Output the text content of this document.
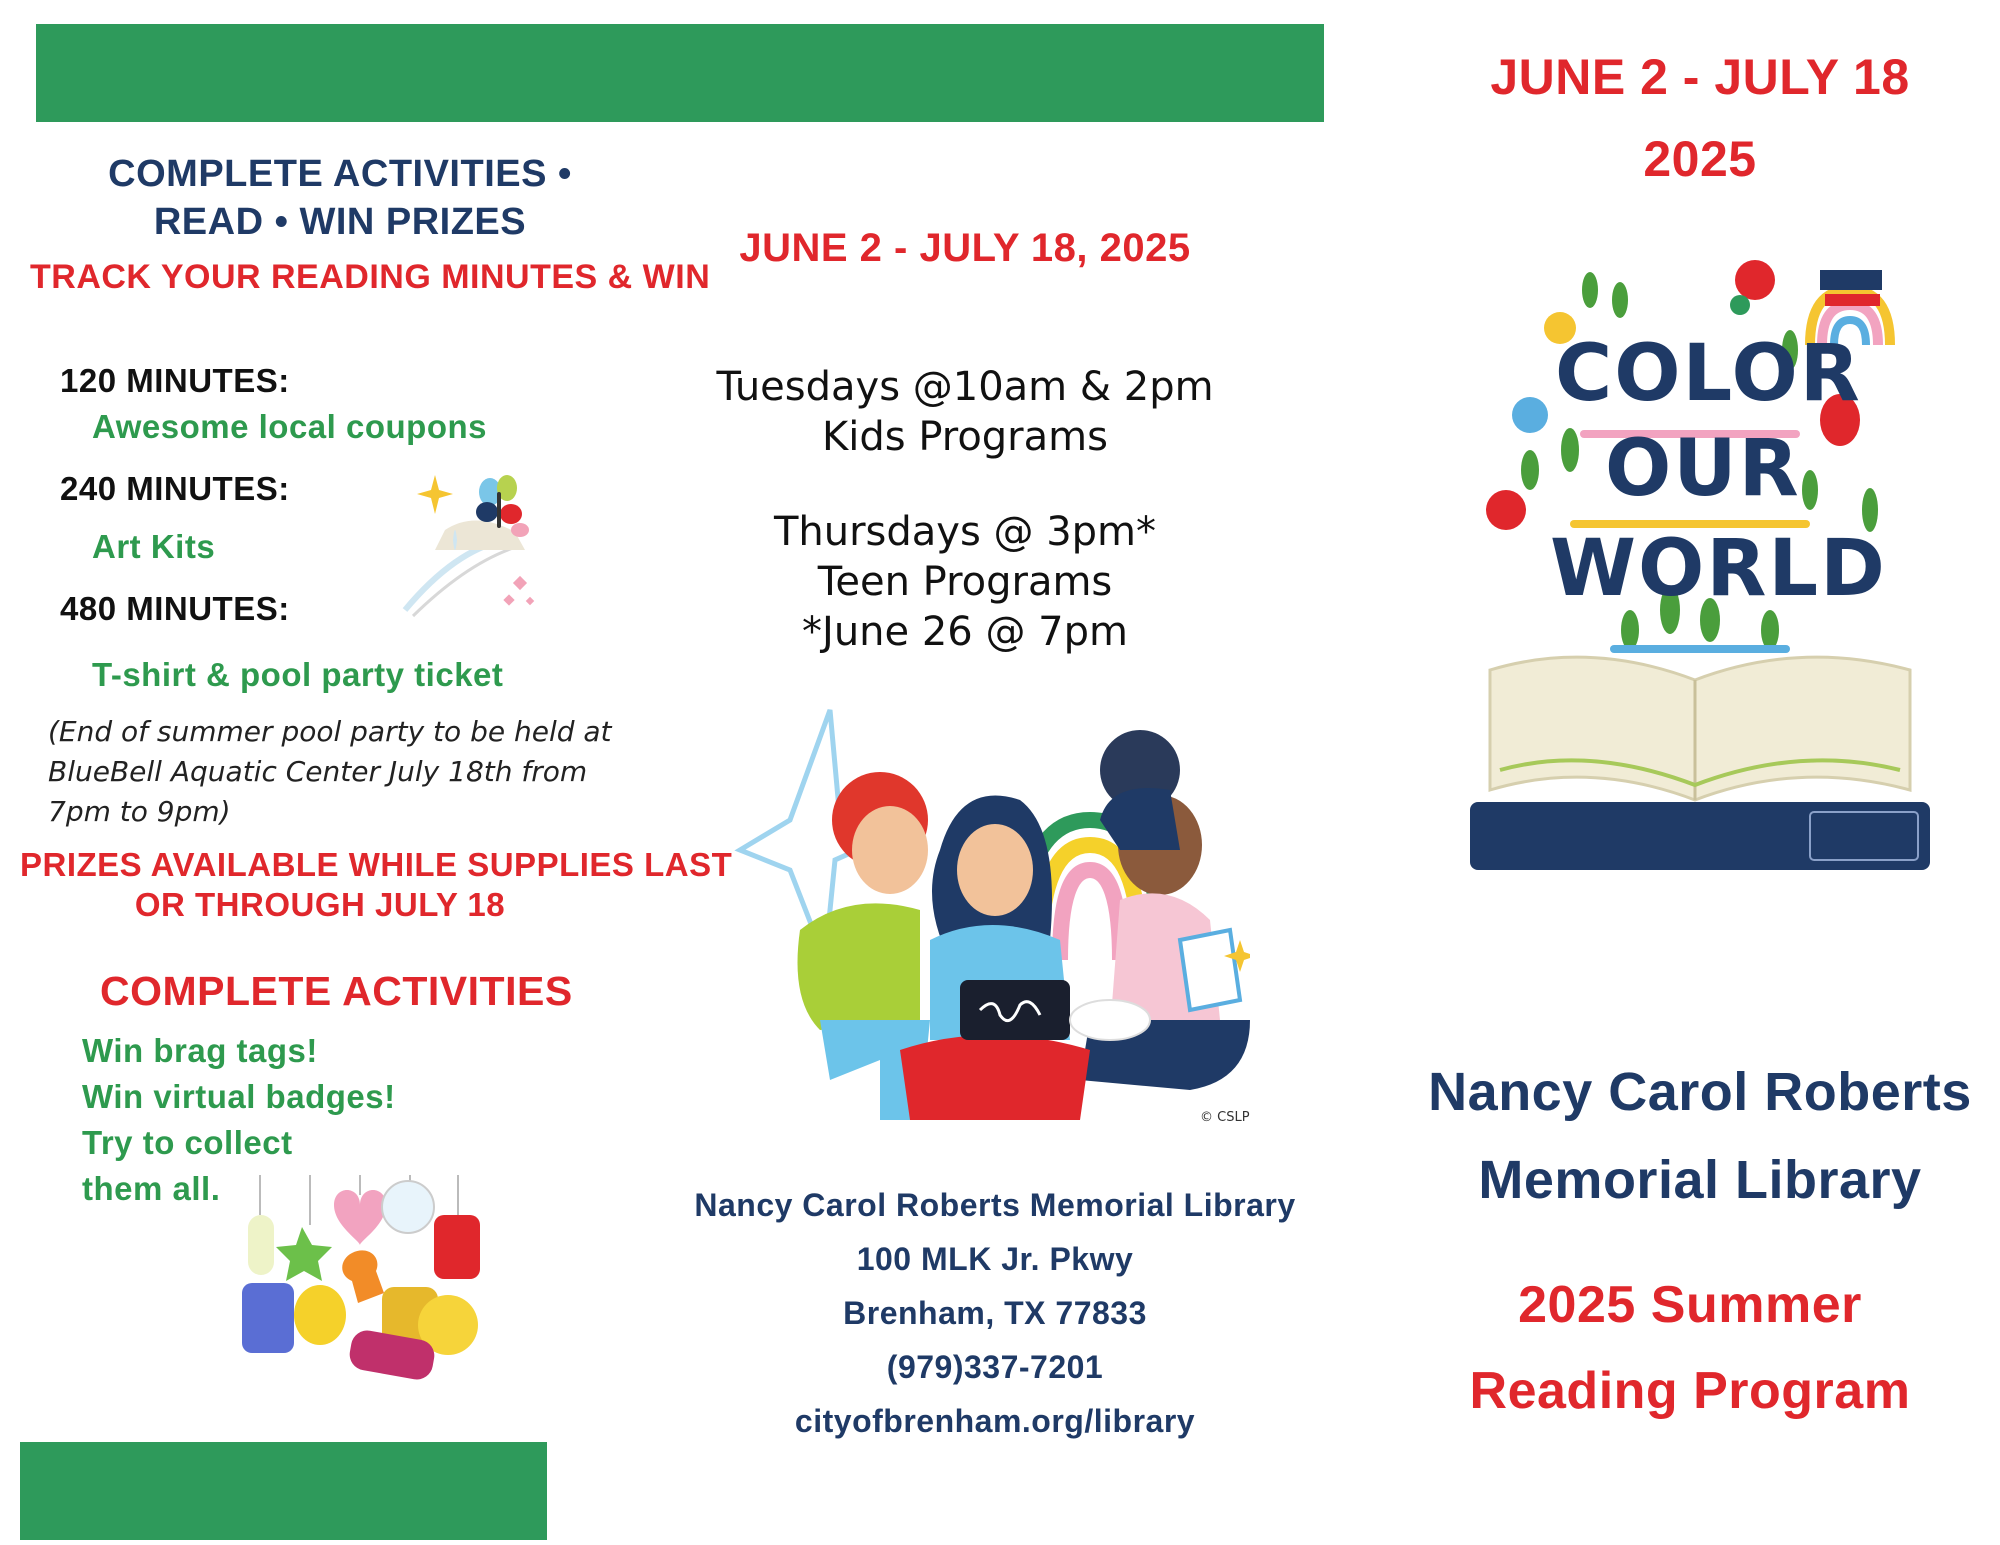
COMPLETE ACTIVITIES •
READ • WIN PRIZES
TRACK YOUR READING MINUTES & WIN
120 MINUTES:
Awesome local coupons
240 MINUTES:
Art Kits
480 MINUTES:
T-shirt & pool party ticket
(End of summer pool party to be held at
BlueBell Aquatic Center July 18th from
7pm to 9pm)
PRIZES AVAILABLE WHILE SUPPLIES LAST
OR THROUGH JULY 18
COMPLETE ACTIVITIES
Win brag tags!
Win virtual badges!
Try to collect
them all.
JUNE 2 - JULY 18, 2025
Tuesdays @10am & 2pm
Kids Programs
Thursdays @ 3pm*
Teen Programs
*June 26 @ 7pm
© CSLP
Nancy Carol Roberts Memorial Library
100 MLK Jr. Pkwy
Brenham, TX 77833
(979)337-7201
cityofbrenham.org/library
JUNE 2 - JULY 18
2025
COLOR
OUR
WORLD
Nancy Carol Roberts
Memorial Library
2025 Summer
Reading Program
